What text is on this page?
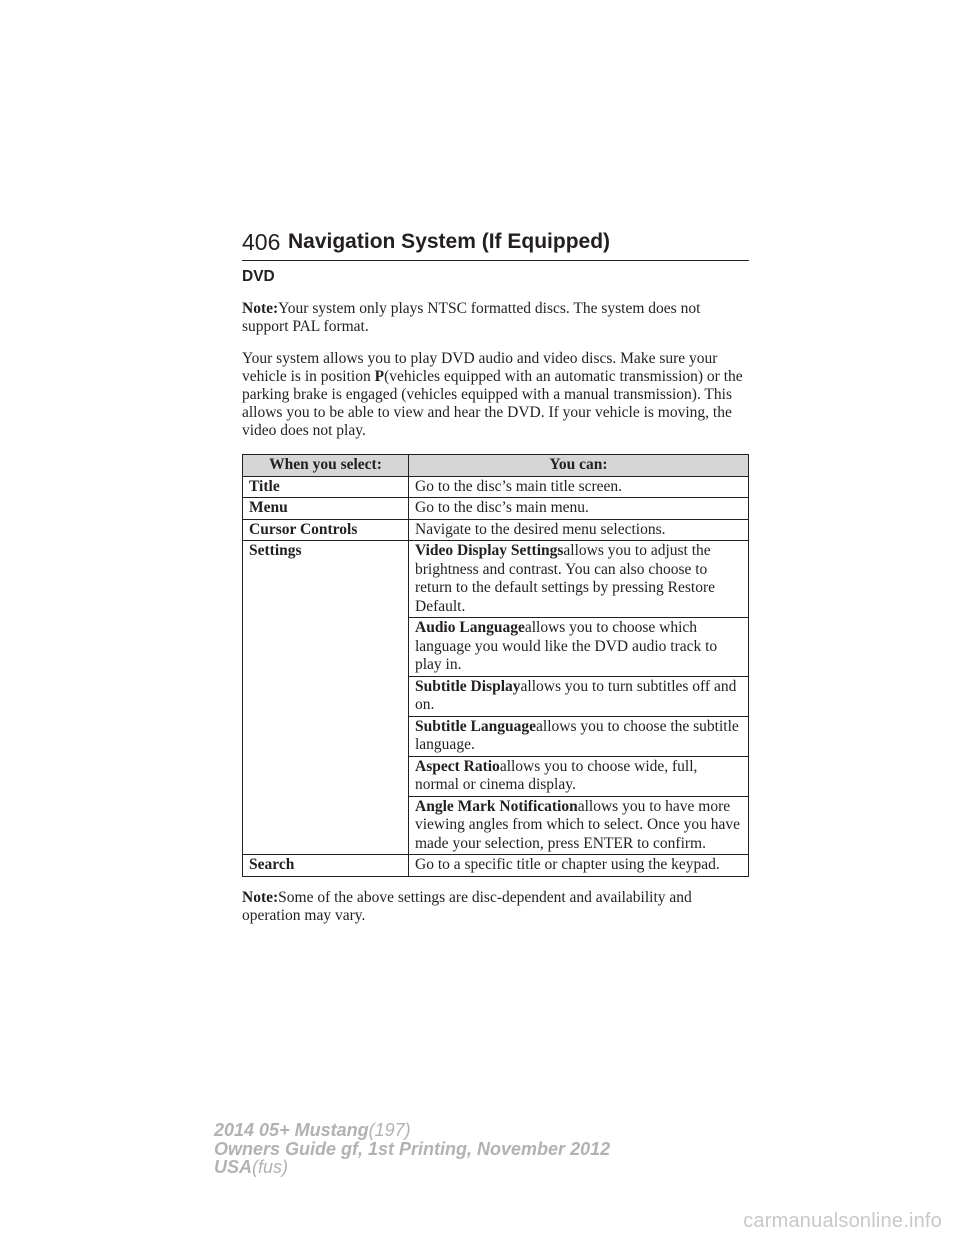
406 Navigation System (If Equipped)
DVD

Note:Your system only plays NTSC formatted discs. The system does not support PAL format.

Your system allows you to play DVD audio and video discs. Make sure your vehicle is in position P(vehicles equipped with an automatic transmission) or the parking brake is engaged (vehicles equipped with a manual transmission). This allows you to be able to view and hear the DVD. If your vehicle is moving, the video does not play.

When you select:	You can:
Title	Go to the disc’s main title screen.
Menu	Go to the disc’s main menu.
Cursor Controls	Navigate to the desired menu selections.
Settings	Video Display Settingsallows you to adjust the brightness and contrast. You can also choose to return to the default settings by pressing Restore Default.
	Audio Languageallows you to choose which language you would like the DVD audio track to play in.
	Subtitle Displayallows you to turn subtitles off and on.
	Subtitle Languageallows you to choose the subtitle language.
	Aspect Ratioallows you to choose wide, full, normal or cinema display.
	Angle Mark Notificationallows you to have more viewing angles from which to select. Once you have made your selection, press ENTER to confirm.
Search	Go to a specific title or chapter using the keypad.

Note:Some of the above settings are disc-dependent and availability and operation may vary.

2014 05+ Mustang(197)
Owners Guide gf, 1st Printing, November 2012
USA(fus)
carmanualsonline.info
